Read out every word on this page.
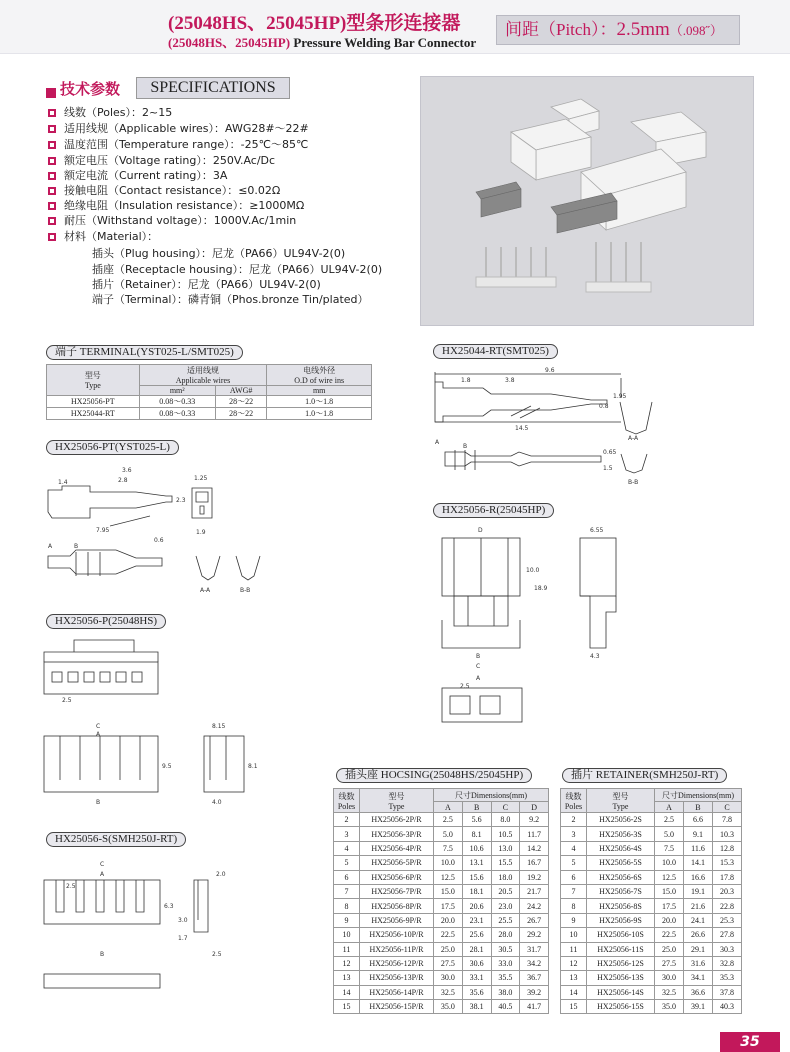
(25048HS、25045HP)型条形连接器
(25048HS、25045HP) Pressure Welding Bar Connector
间距（Pitch）：2.5mm（.098˝）
技术参数	SPECIFICATIONS
线数（Poles）：2~15
适用线规（Applicable wires）：AWG28#～22#
温度范围（Temperature range）：-25℃～85℃
额定电压（Voltage rating）：250V.Ac/Dc
额定电流（Current rating）：3A
接触电阻（Contact resistance）：≤0.02Ω
绝缘电阻（Insulation resistance）：≥1000MΩ
耐压（Withstand voltage）：1000V.Ac/1min
材料（Material）：
插头（Plug housing）：尼龙（PA66）UL94V-2(0)
插座（Receptacle housing）：尼龙（PA66）UL94V-2(0)
插片（Retainer）：尼龙（PA66）UL94V-2(0)
端子（Terminal）：磷青铜（Phos.bronze Tin/plated）
端子 TERMINAL(YST025-L/SMT025)
型号
Type	适用线规
Applicable wires		电线外径
O.D of wire ins
	mm²	AWG#	mm
HX25056-PT	0.08～0.33	28～22	1.0～1.8
HX25044-RT	0.08～0.33	28～22	1.0～1.8
HX25044-RT(SMT025)
HX25056-PT(YST025-L)
HX25056-R(25045HP)
HX25056-P(25048HS)
HX25056-S(SMH250J-RT)
9.6
1.8	3.8
0.8
1.95
14.5
A-A
A
B
0.65
1.5
B-B
3.6
1.4	2.8	1.25
2.3
7.95
0.6
1.9
A	B
A-A	B-B
D	6.55
10.0
18.9
B
C
4.3
A
2.5
2.5
C
A
B
8.15
9.5	8.1
4.0
C
A
2.5
2.0
6.3
3.0
1.7
B	2.5
插头座 HOCSING(25048HS/25045HP)
线数
Poles	型号
Type	尺寸Dimensions(mm)			
		A	B	C	D
2	HX25056-2P/R	2.5	5.6	8.0	9.2
3	HX25056-3P/R	5.0	8.1	10.5	11.7
4	HX25056-4P/R	7.5	10.6	13.0	14.2
5	HX25056-5P/R	10.0	13.1	15.5	16.7
6	HX25056-6P/R	12.5	15.6	18.0	19.2
7	HX25056-7P/R	15.0	18.1	20.5	21.7
8	HX25056-8P/R	17.5	20.6	23.0	24.2
9	HX25056-9P/R	20.0	23.1	25.5	26.7
10	HX25056-10P/R	22.5	25.6	28.0	29.2
11	HX25056-11P/R	25.0	28.1	30.5	31.7
12	HX25056-12P/R	27.5	30.6	33.0	34.2
13	HX25056-13P/R	30.0	33.1	35.5	36.7
14	HX25056-14P/R	32.5	35.6	38.0	39.2
15	HX25056-15P/R	35.0	38.1	40.5	41.7
插片 RETAINER(SMH250J-RT)
线数
Poles	型号
Type	尺寸Dimensions(mm)		
		A	B	C
2	HX25056-2S	2.5	6.6	7.8
3	HX25056-3S	5.0	9.1	10.3
4	HX25056-4S	7.5	11.6	12.8
5	HX25056-5S	10.0	14.1	15.3
6	HX25056-6S	12.5	16.6	17.8
7	HX25056-7S	15.0	19.1	20.3
8	HX25056-8S	17.5	21.6	22.8
9	HX25056-9S	20.0	24.1	25.3
10	HX25056-10S	22.5	26.6	27.8
11	HX25056-11S	25.0	29.1	30.3
12	HX25056-12S	27.5	31.6	32.8
13	HX25056-13S	30.0	34.1	35.3
14	HX25056-14S	32.5	36.6	37.8
15	HX25056-15S	35.0	39.1	40.3
35
